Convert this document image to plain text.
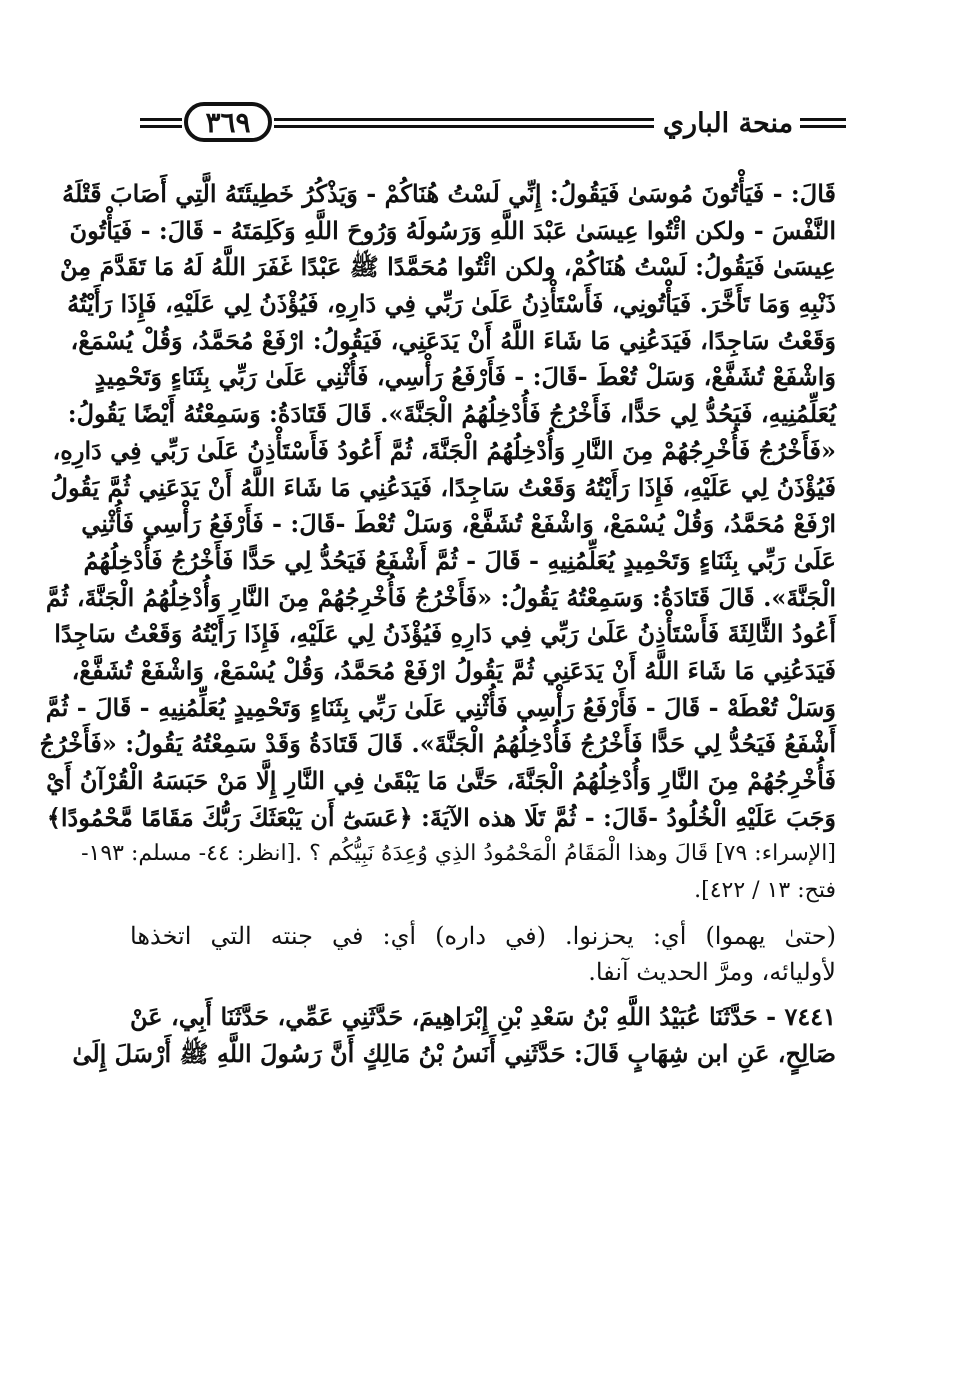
٣٦٩	منحة الباري
قَالَ: - فَيَأْتُونَ مُوسَىٰ فَيَقُولُ: إِنِّي لَسْتُ هُنَاكُمْ - وَيَذْكُرُ خَطِيئَتَهُ الَّتِي أَصَابَ قَتْلَهُ
النَّفْسَ - ولكن ائْتُوا عِيسَىٰ عَبْدَ اللَّهِ وَرَسُولَهُ وَرُوحَ اللَّهِ وَكَلِمَتَهُ - قَالَ: - فَيَأْتُونَ
عِيسَىٰ فَيَقُولُ: لَسْتُ هُنَاكُمْ، ولكن ائْتُوا مُحَمَّدًا ﷺ عَبْدًا غَفَرَ اللَّهُ لَهُ مَا تَقَدَّمَ مِنْ
ذَنْبِهِ وَمَا تَأَخَّرَ. فَيَأْتُونِي، فَأَسْتَأْذِنُ عَلَىٰ رَبِّي فِي دَارِهِ، فَيُؤْذَنُ لِي عَلَيْهِ، فَإِذَا رَأَيْتُهُ
وَقَعْتُ سَاجِدًا، فَيَدَعُنِي مَا شَاءَ اللَّهُ أَنْ يَدَعَنِي، فَيَقُولُ: ارْفَعْ مُحَمَّدُ، وَقُلْ يُسْمَعْ،
وَاشْفَعْ تُشَفَّعْ، وَسَلْ تُعْطَ -قَالَ: - فَأَرْفَعُ رَأْسِي، فَأُثْنِي عَلَىٰ رَبِّي بِثَنَاءٍ وَتَحْمِيدٍ
يُعَلِّمُنِيهِ، فَيَحُدُّ لِي حَدًّا، فَأَخْرُجُ فَأُدْخِلُهُمُ الْجَنَّةَ». قَالَ قَتَادَةُ: وَسَمِعْتُهُ أَيْضًا يَقُولُ:
«فَأَخْرُجُ فَأُخْرِجُهُمْ مِنَ النَّارِ وَأُدْخِلُهُمُ الْجَنَّةَ، ثُمَّ أَعُودُ فَأَسْتَأْذِنُ عَلَىٰ رَبِّي فِي دَارِهِ،
فَيُؤْذَنُ لِي عَلَيْهِ، فَإِذَا رَأَيْتُهُ وَقَعْتُ سَاجِدًا، فَيَدَعُنِي مَا شَاءَ اللَّهُ أَنْ يَدَعَنِي ثُمَّ يَقُولُ
ارْفَعْ مُحَمَّدُ، وَقُلْ يُسْمَعْ، وَاشْفَعْ تُشَفَّعْ، وَسَلْ تُعْطَ -قَالَ: - فَأَرْفَعُ رَأْسِي فَأُثْنِي
عَلَىٰ رَبِّي بِثَنَاءٍ وَتَحْمِيدٍ يُعَلِّمُنِيهِ - قَالَ - ثُمَّ أَشْفَعُ فَيَحُدُّ لِي حَدًّا فَأَخْرُجُ فَأُدْخِلُهُمُ
الْجَنَّةَ». قَالَ قَتَادَةُ: وَسَمِعْتُهُ يَقُولُ: «فَأَخْرُجُ فَأُخْرِجُهُمْ مِنَ النَّارِ وَأُدْخِلُهُمُ الْجَنَّةَ، ثُمَّ
أَعُودُ الثَّالِثَةَ فَأَسْتَأْذِنُ عَلَىٰ رَبِّي فِي دَارِهِ فَيُؤْذَنُ لِي عَلَيْهِ، فَإِذَا رَأَيْتُهُ وَقَعْتُ سَاجِدًا
فَيَدَعُنِي مَا شَاءَ اللَّهُ أَنْ يَدَعَنِي ثُمَّ يَقُولُ ارْفَعْ مُحَمَّدُ، وَقُلْ يُسْمَعْ، وَاشْفَعْ تُشَفَّعْ،
وَسَلْ تُعْطَهْ - قَالَ - فَأَرْفَعُ رَأْسِي فَأُثْنِي عَلَىٰ رَبِّي بِثَنَاءٍ وَتَحْمِيدٍ يُعَلِّمُنِيهِ - قَالَ - ثُمَّ
أَشْفَعُ فَيَحُدُّ لِي حَدًّا فَأَخْرُجُ فَأُدْخِلُهُمُ الْجَنَّةَ». قَالَ قَتَادَةُ وَقَدْ سَمِعْتُهُ يَقُولُ: «فَأَخْرُجُ
فَأُخْرِجُهُمْ مِنَ النَّارِ وَأُدْخِلُهُمُ الْجَنَّةَ، حَتَّىٰ مَا يَبْقَىٰ فِي النَّارِ إِلَّا مَنْ حَبَسَهُ الْقُرْآنُ أَيْ
وَجَبَ عَلَيْهِ الْخُلُودُ -قَالَ: - ثُمَّ تَلَا هذه الآيَةَ: ﴿عَسَىٰٓ أَن يَبْعَثَكَ رَبُّكَ مَقَامًا مَّحْمُودًا﴾
[الإسراء: ٧٩] قَالَ وهذا الْمَقَامُ الْمَحْمُودُ الذِي وُعِدَهُ نَبِيُّكُم ؟ .[انظر: ٤٤- مسلم: ١٩٣-
فتح: ١٣ / ٤٢٢].
(حتىٰ يهموا) أي: يحزنوا. (في داره) أي: في جنته التي اتخذها
لأوليائه، ومرَّ الحديث آنفا.
٧٤٤١ - حَدَّثَنَا عُبَيْدُ اللَّهِ بْنُ سَعْدِ بْنِ إِبْرَاهِيمَ، حَدَّثَنِي عَمِّي، حَدَّثَنَا أَبِي، عَنْ
صَالِحٍ، عَنِ ابن شِهَابٍ قَالَ: حَدَّثَنِي أَنَسُ بْنُ مَالِكٍ أَنَّ رَسُولَ اللَّهِ ﷺ أَرْسَلَ إِلَىٰ
